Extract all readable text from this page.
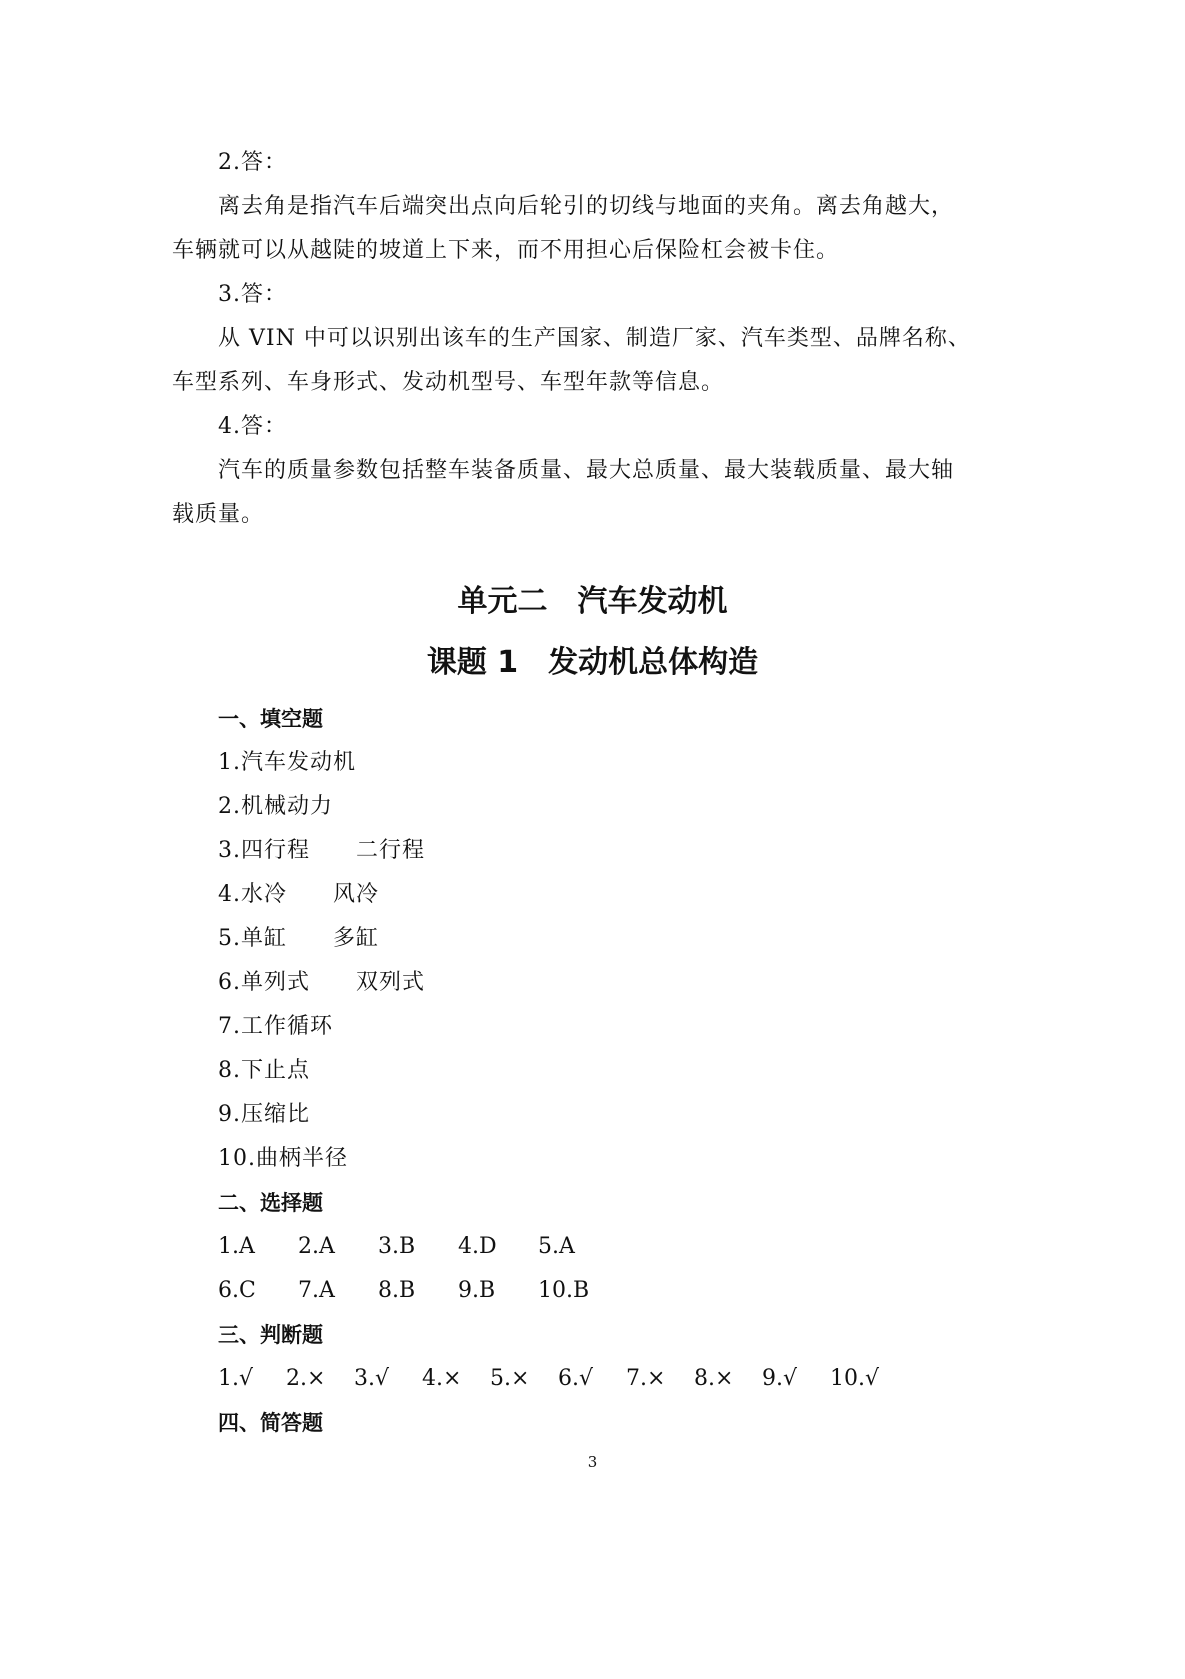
2.答：
离去角是指汽车后端突出点向后轮引的切线与地面的夹角。离去角越大，
车辆就可以从越陡的坡道上下来，而不用担心后保险杠会被卡住。
3.答：
从 VIN 中可以识别出该车的生产国家、制造厂家、汽车类型、品牌名称、
车型系列、车身形式、发动机型号、车型年款等信息。
4.答：
汽车的质量参数包括整车装备质量、最大总质量、最大装载质量、最大轴
载质量。
单元二　汽车发动机
课题 1　发动机总体构造
一、填空题
1.汽车发动机
2.机械动力
3.四行程　　二行程
4.水冷　　风冷
5.单缸　　多缸
6.单列式　　双列式
7.工作循环
8.下止点
9.压缩比
10.曲柄半径
二、选择题
1.A	2.A	3.B	4.D	5.A
6.C	7.A	8.B	9.B	10.B
三、判断题
1.√	2.×	3.√	4.×	5.×	6.√	7.×	8.×	9.√	10.√
四、简答题
3
